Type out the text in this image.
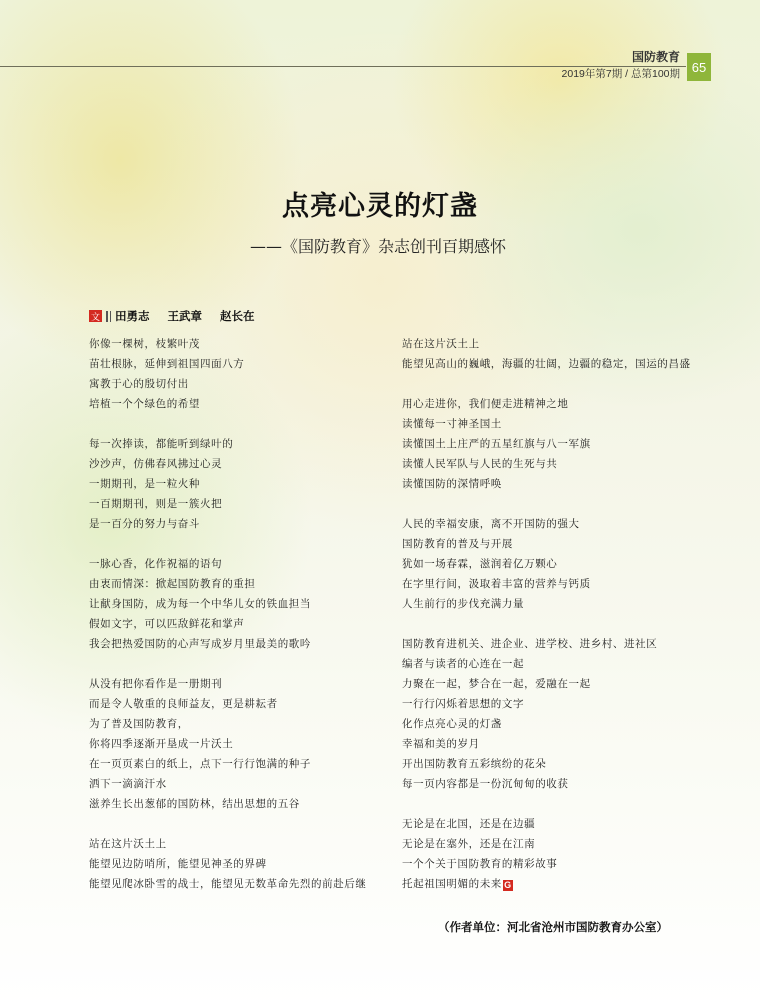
国防教育
2019年第7期 / 总第100期 65
点亮心灵的灯盏
——《国防教育》杂志创刊百期感怀
文 田勇志 王武章 赵长在
你像一棵树，枝繁叶茂
苗壮根脉，延伸到祖国四面八方
寓教于心的殷切付出
培植一个个绿色的希望
每一次捧读，都能听到绿叶的
沙沙声，仿佛春风拂过心灵
一期期刊，是一粒火种
一百期期刊，则是一簇火把
是一百分的努力与奋斗
一脉心香，化作祝福的语句
由衷而情深：掀起国防教育的重担
让献身国防，成为每一个中华儿女的铁血担当
假如文字，可以匹敌鲜花和掌声
我会把热爱国防的心声写成岁月里最美的歌吟
从没有把你看作是一册期刊
而是令人敬重的良师益友，更是耕耘者
为了普及国防教育，
你将四季逐渐开垦成一片沃土
在一页页素白的纸上，点下一行行饱满的种子
洒下一滴滴汗水
滋养生长出葱郁的国防林，结出思想的五谷
站在这片沃土上
能望见边防哨所，能望见神圣的界碑
能望见爬冰卧雪的战士，能望见无数革命先烈的前赴后继
站在这片沃土上
能望见高山的巍峨，海疆的壮阔，边疆的稳定，国运的昌盛
用心走进你，我们便走进精神之地
读懂每一寸神圣国土
读懂国土上庄严的五星红旗与八一军旗
读懂人民军队与人民的生死与共
读懂国防的深情呼唤
人民的幸福安康，离不开国防的强大
国防教育的普及与开展
犹如一场春霖，滋润着亿万颗心
在字里行间，汲取着丰富的营养与钙质
人生前行的步伐充满力量
国防教育进机关、进企业、进学校、进乡村、进社区
编者与读者的心连在一起
力聚在一起，梦合在一起，爱融在一起
一行行闪烁着思想的文字
化作点亮心灵的灯盏
幸福和美的岁月
开出国防教育五彩缤纷的花朵
每一页内容都是一份沉甸甸的收获
无论是在北国，还是在边疆
无论是在塞外，还是在江南
一个个关于国防教育的精彩故事
托起祖国明媚的未来 G
（作者单位：河北省沧州市国防教育办公室）
